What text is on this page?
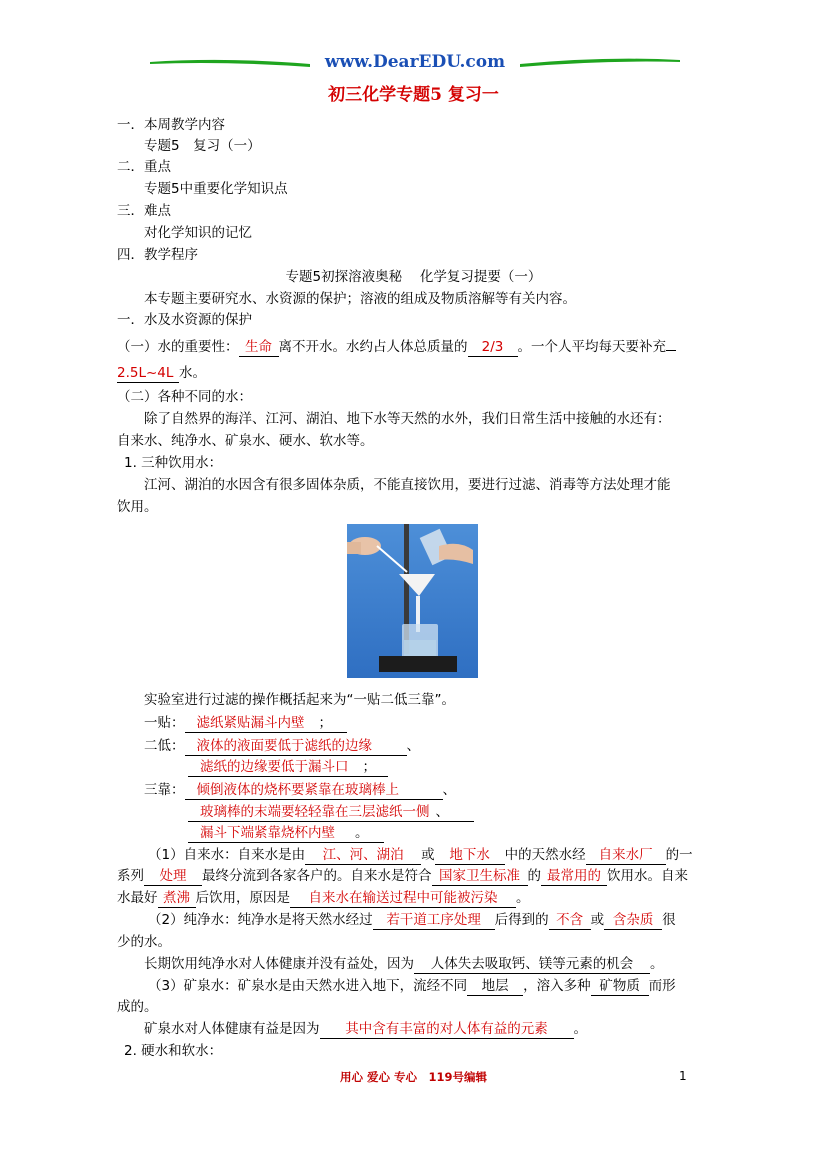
www.DearEDU.com
初三化学专题5 复习一
一．本周教学内容
专题5　复习（一）
二．重点
专题5中重要化学知识点
三．难点
对化学知识的记忆
四．教学程序
专题5初探溶液奥秘　 化学复习提要（一）
本专题主要研究水、水资源的保护；溶液的组成及物质溶解等有关内容。
一．水及水资源的保护
（一）水的重要性： 生命 离不开水。水约占人体总质量的 2/3 。一个人平均每天要补充
2.5L~4L 水。
（二）各种不同的水：
除了自然界的海洋、江河、湖泊、地下水等天然的水外，我们日常生活中接触的水还有：
自来水、纯净水、矿泉水、硬水、软水等。
1. 三种饮用水：
江河、湖泊的水因含有很多固体杂质，不能直接饮用，要进行过滤、消毒等方法处理才能
饮用。
实验室进行过滤的操作概括起来为“一贴二低三靠”。
一贴： 滤纸紧贴漏斗内壁 ；
二低： 液体的液面要低于滤纸的边缘	、
滤纸的边缘要低于漏斗口 ；
三靠： 倾倒液体的烧杯要紧靠在玻璃棒上	、
玻璃棒的末端要轻轻靠在三层滤纸一侧 、
漏斗下端紧靠烧杯内壁 。
（1）自来水：自来水是由 江、河、湖泊 或 地下水 中的天然水经 自来水厂 的一
系列 处理 最终分流到各家各户的。自来水是符合 国家卫生标准 的 最常用的 饮用水。自来
水最好 煮沸 后饮用，原因是 自来水在输送过程中可能被污染 。
（2）纯净水：纯净水是将天然水经过 若干道工序处理 后得到的 不含 或 含杂质 很
少的水。
长期饮用纯净水对人体健康并没有益处，因为 人体失去吸取钙、镁等元素的机会 。
（3）矿泉水：矿泉水是由天然水进入地下，流经不同 地层 ，溶入多种 矿物质 而形
成的。
矿泉水对人体健康有益是因为 其中含有丰富的对人体有益的元素 。
2. 硬水和软水：
用心 爱心 专心　119号编辑	1
